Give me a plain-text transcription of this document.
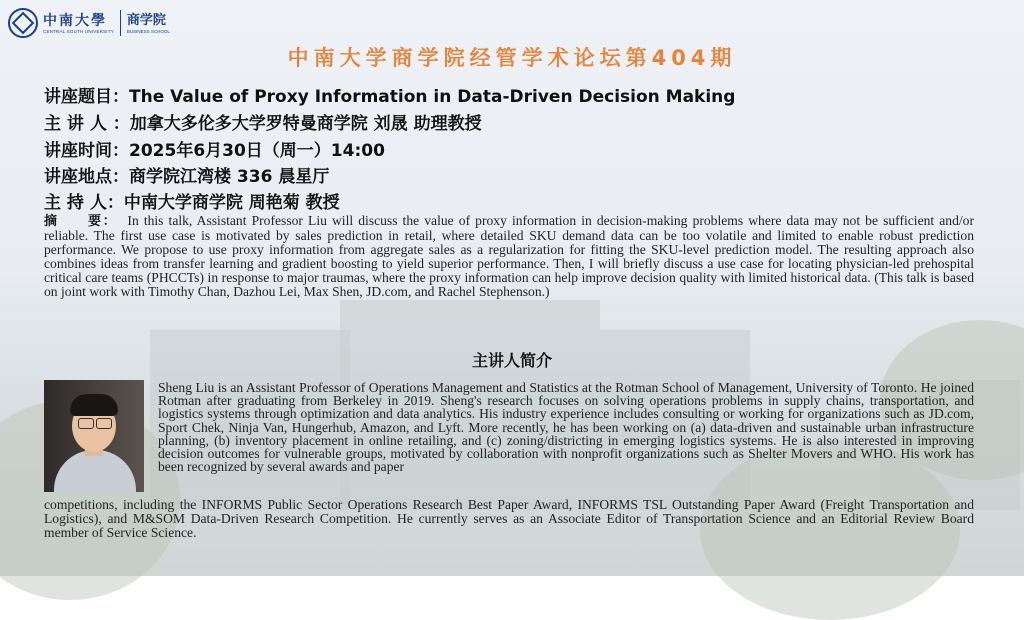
中南大學
CENTRAL SOUTH UNIVERSITY
商学院
BUSINESS SCHOOL
中南大学商学院经管学术论坛第404期
讲座题目：The Value of Proxy Information in Data-Driven Decision Making
主 讲 人 ：加拿大多伦多大学罗特曼商学院 刘晟 助理教授
讲座时间：2025年6月30日（周一）14:00
讲座地点：商学院江湾楼 336 晨星厅
主 持 人：中南大学商学院 周艳菊 教授
摘　　要： In this talk, Assistant Professor Liu will discuss the value of proxy information in decision-making problems where data may not be sufficient and/or reliable. The first use case is motivated by sales prediction in retail, where detailed SKU demand data can be too volatile and limited to enable robust prediction performance. We propose to use proxy information from aggregate sales as a regularization for fitting the SKU-level prediction model. The resulting approach also combines ideas from transfer learning and gradient boosting to yield superior performance. Then, I will briefly discuss a use case for locating physician-led prehospital critical care teams (PHCCTs) in response to major traumas, where the proxy information can help improve decision quality with limited historical data. (This talk is based on joint work with Timothy Chan, Dazhou Lei, Max Shen, JD.com, and Rachel Stephenson.)
主讲人简介
Sheng Liu is an Assistant Professor of Operations Management and Statistics at the Rotman School of Management, University of Toronto. He joined Rotman after graduating from Berkeley in 2019. Sheng's research focuses on solving operations problems in supply chains, transportation, and logistics systems through optimization and data analytics. His industry experience includes consulting or working for organizations such as JD.com, Sport Chek, Ninja Van, Hungerhub, Amazon, and Lyft. More recently, he has been working on (a) data-driven and sustainable urban infrastructure planning, (b) inventory placement in online retailing, and (c) zoning/districting in emerging logistics systems. He is also interested in improving decision outcomes for vulnerable groups, motivated by collaboration with nonprofit organizations such as Shelter Movers and WHO. His work has been recognized by several awards and paper
competitions, including the INFORMS Public Sector Operations Research Best Paper Award, INFORMS TSL Outstanding Paper Award (Freight Transportation and Logistics), and M&SOM Data-Driven Research Competition. He currently serves as an Associate Editor of Transportation Science and an Editorial Review Board member of Service Science.
